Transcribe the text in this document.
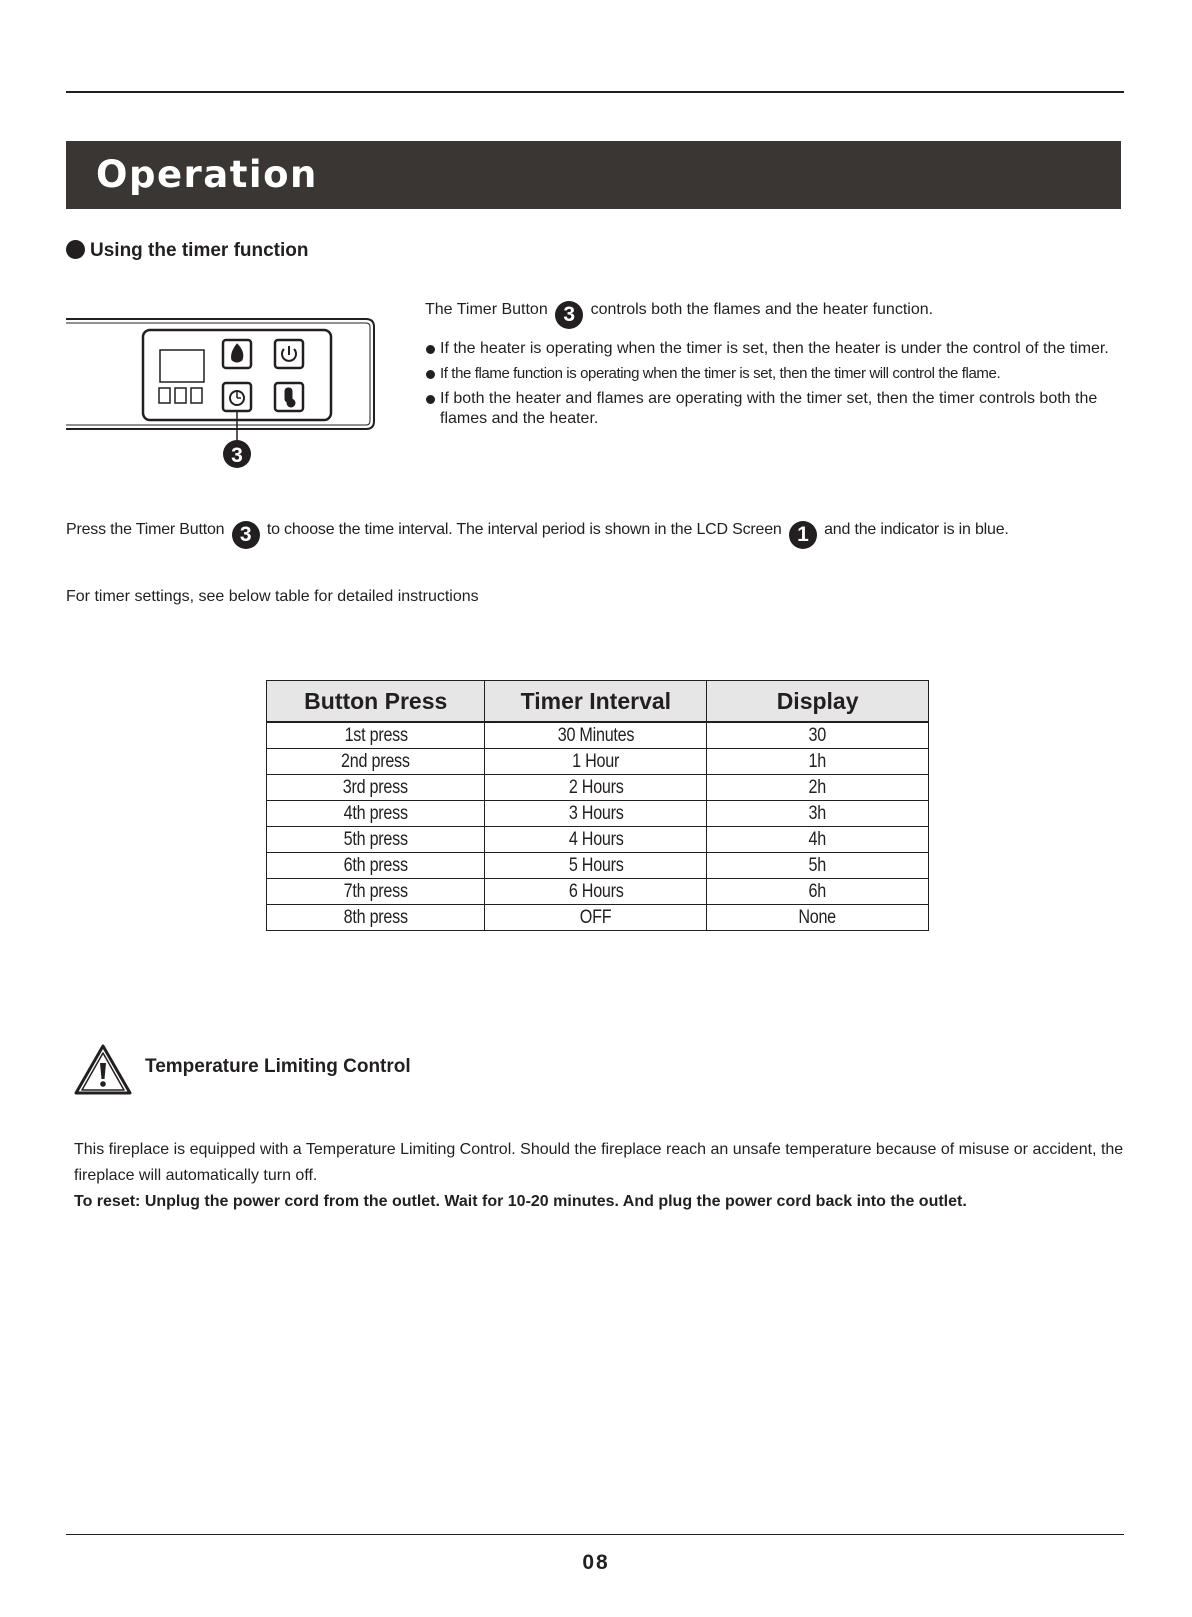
Operation
Using the timer function
3

The Timer Button 3 controls both the flames and the heater function.

If the heater is operating when the timer is set, then the heater is under the control of the timer.
If the flame function is operating when the timer is set, then the timer will control the flame.
If both the heater and flames are operating with the timer set, then the timer controls both the flames and the heater.
Press the Timer Button 3 to choose the time interval. The interval period is shown in the LCD Screen 1 and the indicator is in blue.
For timer settings, see below table for detailed instructions
Button Press	Timer Interval	Display
1st press	30 Minutes	30
2nd press	1 Hour	1h
3rd press	2 Hours	2h
4th press	3 Hours	3h
5th press	4 Hours	4h
6th press	5 Hours	5h
7th press	6 Hours	6h
8th press	OFF	None
Temperature Limiting Control
This fireplace is equipped with a Temperature Limiting Control. Should the fireplace reach an unsafe temperature because of misuse or accident, the fireplace will automatically turn off.
To reset: Unplug the power cord from the outlet. Wait for 10-20 minutes. And plug the power cord back into the outlet.
08
